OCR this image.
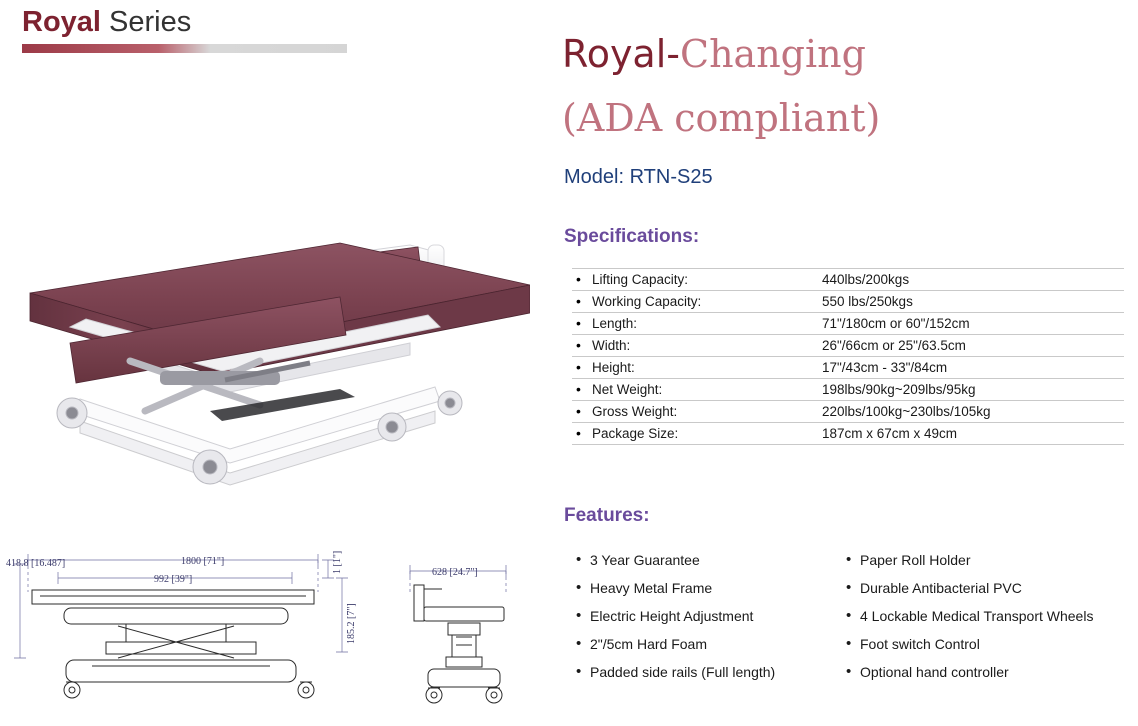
Royal Series
1800 [71"]
992 [39"]
418.8 [16.487]	1 [1"]
185.2 [7"]
628 [24.7"]
Royal-Changing
(ADA compliant)
Model: RTN-S25
Specifications:
• Lifting Capacity:	440lbs/200kgs
• Working Capacity:	550 lbs/250kgs
• Length:	71"/180cm or 60"/152cm
• Width:	26"/66cm or 25"/63.5cm
• Height:	17"/43cm - 33"/84cm
• Net Weight:	198lbs/90kg~209lbs/95kg
• Gross Weight:	220lbs/100kg~230lbs/105kg
• Package Size:	187cm x 67cm x 49cm
Features:
• 3 Year Guarantee	• Paper Roll Holder
• Heavy Metal Frame	• Durable Antibacterial PVC
• Electric Height Adjustment	• 4 Lockable Medical Transport Wheels
• 2"/5cm Hard Foam	• Foot switch Control
• Padded side rails (Full length)	• Optional hand controller
